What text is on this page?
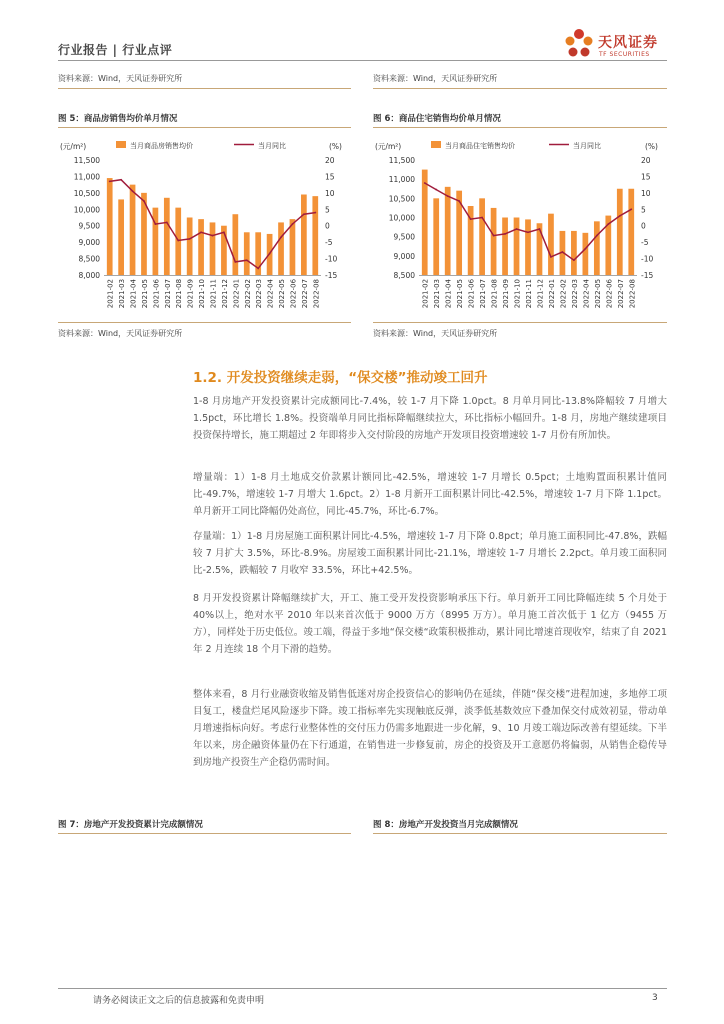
行业报告 | 行业点评	天风证券
TF SECURITIES
资料来源：Wind，天风证券研究所	资料来源：Wind，天风证券研究所
图 5：商品房销售均价单月情况	图 6：商品住宅销售均价单月情况
(元/m²)	(%)
当月商品房销售均价	当月同比
11,500
11,000
10,500
10,000
9,500
9,000
8,500
8,000
20
15
10
5
0
-5
-10
-15
2021-02 2021-03 2021-04 2021-05 2021-06 2021-07 2021-08 2021-09 2021-10 2021-11 2021-12 2022-01 2022-02 2022-03 2022-04 2022-05 2022-06 2022-07 2022-08
(元/m²)	(%)
当月商品住宅销售均价	当月同比
11,500
11,000
10,500
10,000
9,500
9,000
8,500
20
15
10
5
0
-5
-10
-15
2021-02 2021-03 2021-04 2021-05 2021-06 2021-07 2021-08 2021-09 2021-10 2021-11 2021-12 2022-01 2022-02 2022-03 2022-04 2022-05 2022-06 2022-07 2022-08
资料来源：Wind，天风证券研究所	资料来源：Wind，天风证券研究所
1.2. 开发投资继续走弱，“保交楼”推动竣工回升

1-8 月房地产开发投资累计完成额同比-7.4%，较 1-7 月下降 1.0pct。8 月单月同比-13.8%降幅较 7 月增大 1.5pct，环比增长 1.8%。投资端单月同比指标降幅继续拉大，环比指标小幅回升。1-8 月，房地产继续建项目投资保持增长，施工期超过 2 年即将步入交付阶段的房地产开发项目投资增速较 1-7 月份有所加快。

增量端：1）1-8 月土地成交价款累计额同比-42.5%，增速较 1-7 月增长 0.5pct；土地购置面积累计值同比-49.7%，增速较 1-7 月增大 1.6pct。2）1-8 月新开工面积累计同比-42.5%，增速较 1-7 月下降 1.1pct。单月新开工同比降幅仍处高位，同比-45.7%，环比-6.7%。

存量端：1）1-8 月房屋施工面积累计同比-4.5%，增速较 1-7 月下降 0.8pct；单月施工面积同比-47.8%，跌幅较 7 月扩大 3.5%，环比-8.9%。房屋竣工面积累计同比-21.1%，增速较 1-7 月增长 2.2pct。单月竣工面积同比-2.5%，跌幅较 7 月收窄 33.5%，环比+42.5%。

8 月开发投资累计降幅继续扩大，开工、施工受开发投资影响承压下行。单月新开工同比降幅连续 5 个月处于 40%以上，绝对水平 2010 年以来首次低于 9000 万方（8995 万方）。单月施工首次低于 1 亿方（9455 万方），同样处于历史低位。竣工端，得益于多地“保交楼“政策积极推动，累计同比增速首现收窄，结束了自 2021 年 2 月连续 18 个月下滑的趋势。

整体来看，8 月行业融资收缩及销售低迷对房企投资信心的影响仍在延续，伴随“保交楼”进程加速，多地停工项目复工，楼盘烂尾风险逐步下降。竣工指标率先实现触底反弹，淡季低基数效应下叠加保交付成效初显，带动单月增速指标向好。考虑行业整体性的交付压力仍需多地跟进一步化解，9、10 月竣工端边际改善有望延续。下半年以来，房企融资体量仍在下行通道，在销售进一步修复前，房企的投资及开工意愿仍将偏弱，从销售企稳传导到房地产投资生产企稳仍需时间。

图 7：房地产开发投资累计完成额情况	图 8：房地产开发投资当月完成额情况
请务必阅读正文之后的信息披露和免责申明	3
